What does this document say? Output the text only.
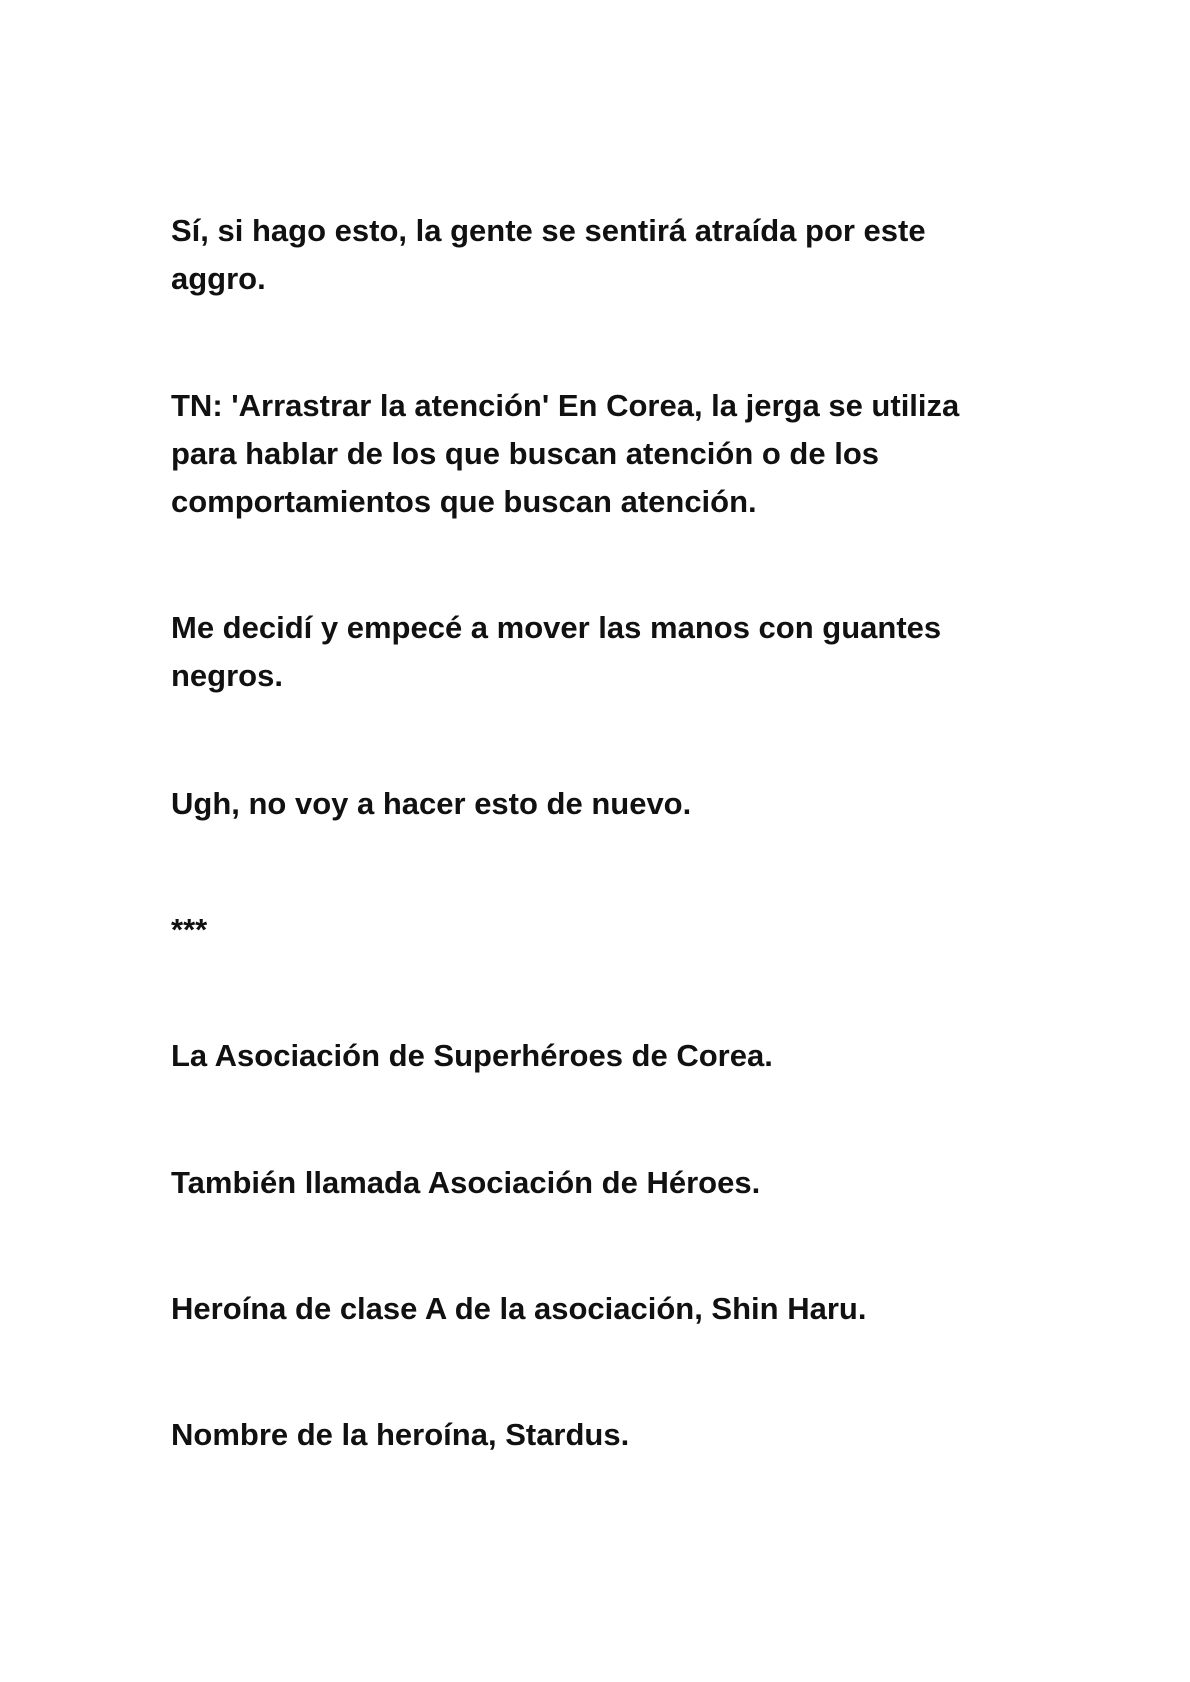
Sí, si hago esto, la gente se sentirá atraída por este aggro.

TN: 'Arrastrar la atención' En Corea, la jerga se utiliza para hablar de los que buscan atención o de los comportamientos que buscan atención.

Me decidí y empecé a mover las manos con guantes negros.

Ugh, no voy a hacer esto de nuevo.

***

La Asociación de Superhéroes de Corea.

También llamada Asociación de Héroes.

Heroína de clase A de la asociación, Shin Haru.

Nombre de la heroína, Stardus.
